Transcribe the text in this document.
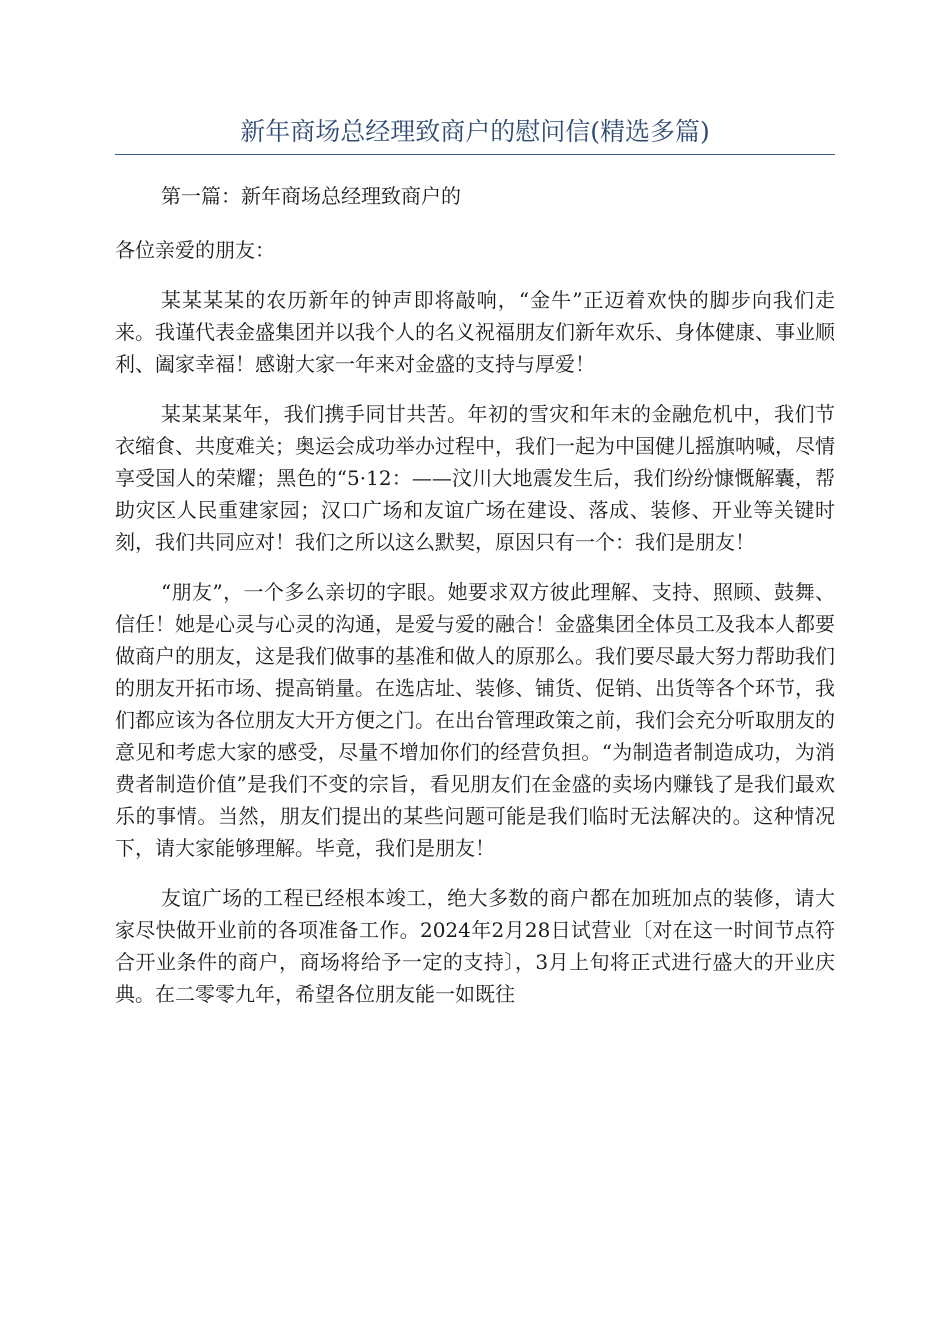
新年商场总经理致商户的慰问信(精选多篇)

第一篇：新年商场总经理致商户的

各位亲爱的朋友：

某某某某的农历新年的钟声即将敲响，“金牛”正迈着欢快的脚步向我们走来。我谨代表金盛集团并以我个人的名义祝福朋友们新年欢乐、身体健康、事业顺利、阖家幸福！感谢大家一年来对金盛的支持与厚爱！

某某某某年，我们携手同甘共苦。年初的雪灾和年末的金融危机中，我们节衣缩食、共度难关；奥运会成功举办过程中，我们一起为中国健儿摇旗呐喊，尽情享受国人的荣耀；黑色的“5·12：——汶川大地震发生后，我们纷纷慷慨解囊，帮助灾区人民重建家园；汉口广场和友谊广场在建设、落成、装修、开业等关键时刻，我们共同应对！我们之所以这么默契，原因只有一个：我们是朋友！

“朋友”，一个多么亲切的字眼。她要求双方彼此理解、支持、照顾、鼓舞、信任！她是心灵与心灵的沟通，是爱与爱的融合！金盛集团全体员工及我本人都要做商户的朋友，这是我们做事的基准和做人的原那么。我们要尽最大努力帮助我们的朋友开拓市场、提高销量。在选店址、装修、铺货、促销、出货等各个环节，我们都应该为各位朋友大开方便之门。在出台管理政策之前，我们会充分听取朋友的意见和考虑大家的感受，尽量不增加你们的经营负担。“为制造者制造成功，为消费者制造价值”是我们不变的宗旨，看见朋友们在金盛的卖场内赚钱了是我们最欢乐的事情。当然，朋友们提出的某些问题可能是我们临时无法解决的。这种情况下，请大家能够理解。毕竟，我们是朋友！

友谊广场的工程已经根本竣工，绝大多数的商户都在加班加点的装修，请大家尽快做开业前的各项准备工作。2024年2月28日试营业〔对在这一时间节点符合开业条件的商户，商场将给予一定的支持〕，3月上旬将正式进行盛大的开业庆典。在二零零九年，希望各位朋友能一如既往
